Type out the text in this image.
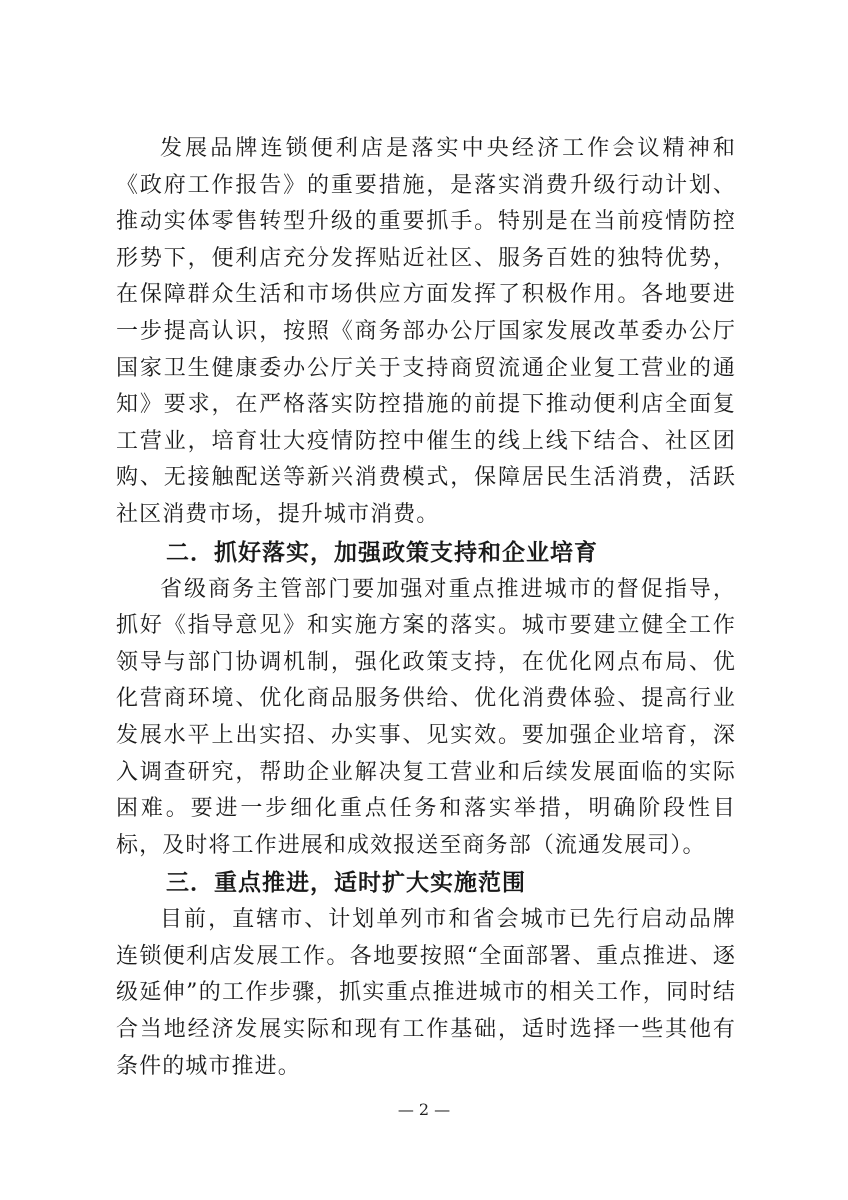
发展品牌连锁便利店是落实中央经济工作会议精神和《政府工作报告》的重要措施，是落实消费升级行动计划、推动实体零售转型升级的重要抓手。特别是在当前疫情防控形势下，便利店充分发挥贴近社区、服务百姓的独特优势，在保障群众生活和市场供应方面发挥了积极作用。各地要进一步提高认识，按照《商务部办公厅国家发展改革委办公厅 国家卫生健康委办公厅关于支持商贸流通企业复工营业的通知》要求，在严格落实防控措施的前提下推动便利店全面复工营业，培育壮大疫情防控中催生的线上线下结合、社区团购、无接触配送等新兴消费模式，保障居民生活消费，活跃社区消费市场，提升城市消费。

二．抓好落实，加强政策支持和企业培育

省级商务主管部门要加强对重点推进城市的督促指导，抓好《指导意见》和实施方案的落实。城市要建立健全工作领导与部门协调机制，强化政策支持，在优化网点布局、优化营商环境、优化商品服务供给、优化消费体验、提高行业发展水平上出实招、办实事、见实效。要加强企业培育，深入调查研究，帮助企业解决复工营业和后续发展面临的实际困难。要进一步细化重点任务和落实举措，明确阶段性目标，及时将工作进展和成效报送至商务部（流通发展司）。

三．重点推进，适时扩大实施范围

目前，直辖市、计划单列市和省会城市已先行启动品牌连锁便利店发展工作。各地要按照“全面部署、重点推进、逐级延伸”的工作步骤，抓实重点推进城市的相关工作，同时结合当地经济发展实际和现有工作基础，适时选择一些其他有条件的城市推进。

— 2 —
